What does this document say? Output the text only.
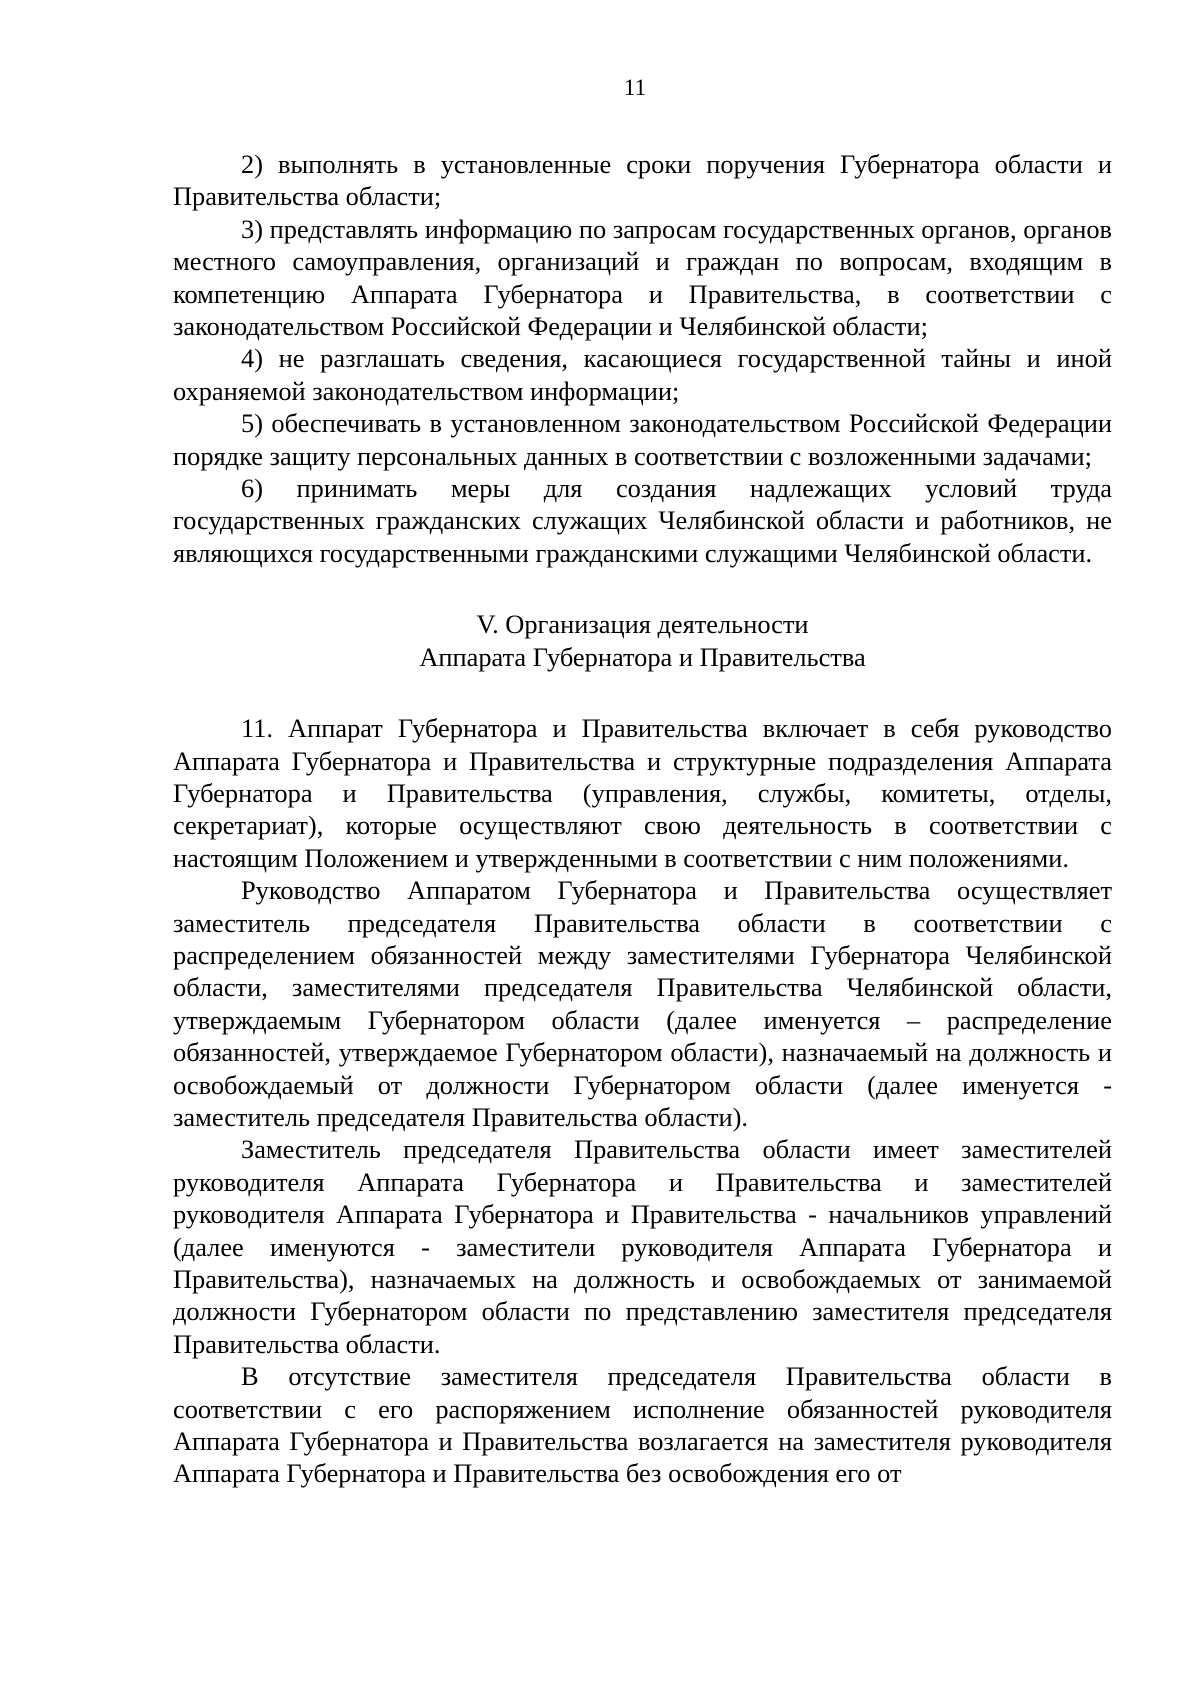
11

2) выполнять в установленные сроки поручения Губернатора области и Правительства области;

3) представлять информацию по запросам государственных органов, органов местного самоуправления, организаций и граждан по вопросам, входящим в компетенцию Аппарата Губернатора и Правительства, в соответствии с законодательством Российской Федерации и Челябинской области;

4) не разглашать сведения, касающиеся государственной тайны и иной охраняемой законодательством информации;

5) обеспечивать в установленном законодательством Российской Федерации порядке защиту персональных данных в соответствии с возложенными задачами;

6) принимать меры для создания надлежащих условий труда государственных гражданских служащих Челябинской области и работников, не являющихся государственными гражданскими служащими Челябинской области.

V. Организация деятельности

Аппарата Губернатора и Правительства

11. Аппарат Губернатора и Правительства включает в себя руководство Аппарата Губернатора и Правительства и структурные подразделения Аппарата Губернатора и Правительства (управления, службы, комитеты, отделы, секретариат), которые осуществляют свою деятельность в соответствии с настоящим Положением и утвержденными в соответствии с ним положениями.

Руководство Аппаратом Губернатора и Правительства осуществляет заместитель председателя Правительства области в соответствии с распределением обязанностей между заместителями Губернатора Челябинской области, заместителями председателя Правительства Челябинской области, утверждаемым Губернатором области (далее именуется – распределение обязанностей, утверждаемое Губернатором области), назначаемый на должность и освобождаемый от должности Губернатором области (далее именуется - заместитель председателя Правительства области).

Заместитель председателя Правительства области имеет заместителей руководителя Аппарата Губернатора и Правительства и заместителей руководителя Аппарата Губернатора и Правительства - начальников управлений (далее именуются - заместители руководителя Аппарата Губернатора и Правительства), назначаемых на должность и освобождаемых от занимаемой должности Губернатором области по представлению заместителя председателя Правительства области.

В отсутствие заместителя председателя Правительства области в соответствии с его распоряжением исполнение обязанностей руководителя Аппарата Губернатора и Правительства возлагается на заместителя руководителя Аппарата Губернатора и Правительства без освобождения его от
